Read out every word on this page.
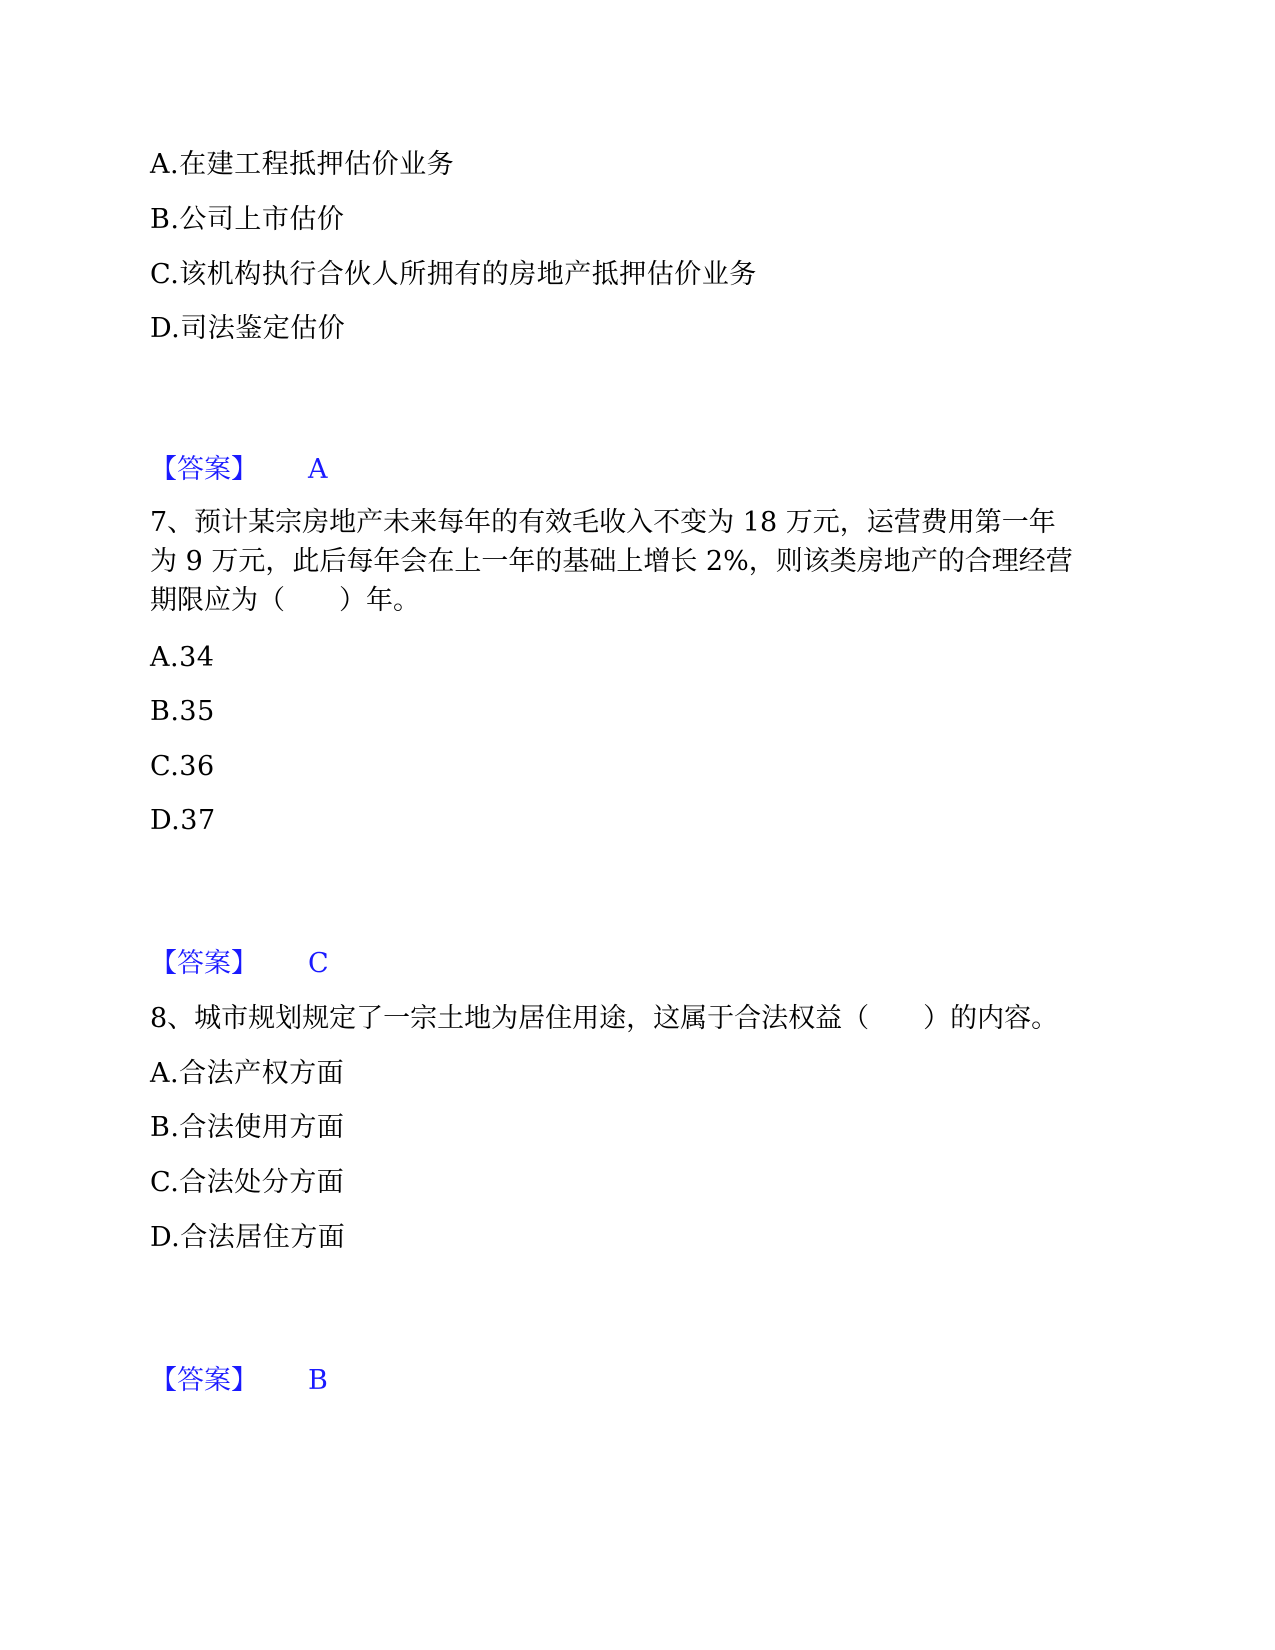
A.在建工程抵押估价业务
B.公司上市估价
C.该机构执行合伙人所拥有的房地产抵押估价业务
D.司法鉴定估价
【答案】 A
7、预计某宗房地产未来每年的有效毛收入不变为 18 万元，运营费用第一年
为 9 万元，此后每年会在上一年的基础上增长 2%，则该类房地产的合理经营
期限应为（　　）年。
A.34
B.35
C.36
D.37
【答案】 C
8、城市规划规定了一宗土地为居住用途，这属于合法权益（　　）的内容。
A.合法产权方面
B.合法使用方面
C.合法处分方面
D.合法居住方面
【答案】 B
